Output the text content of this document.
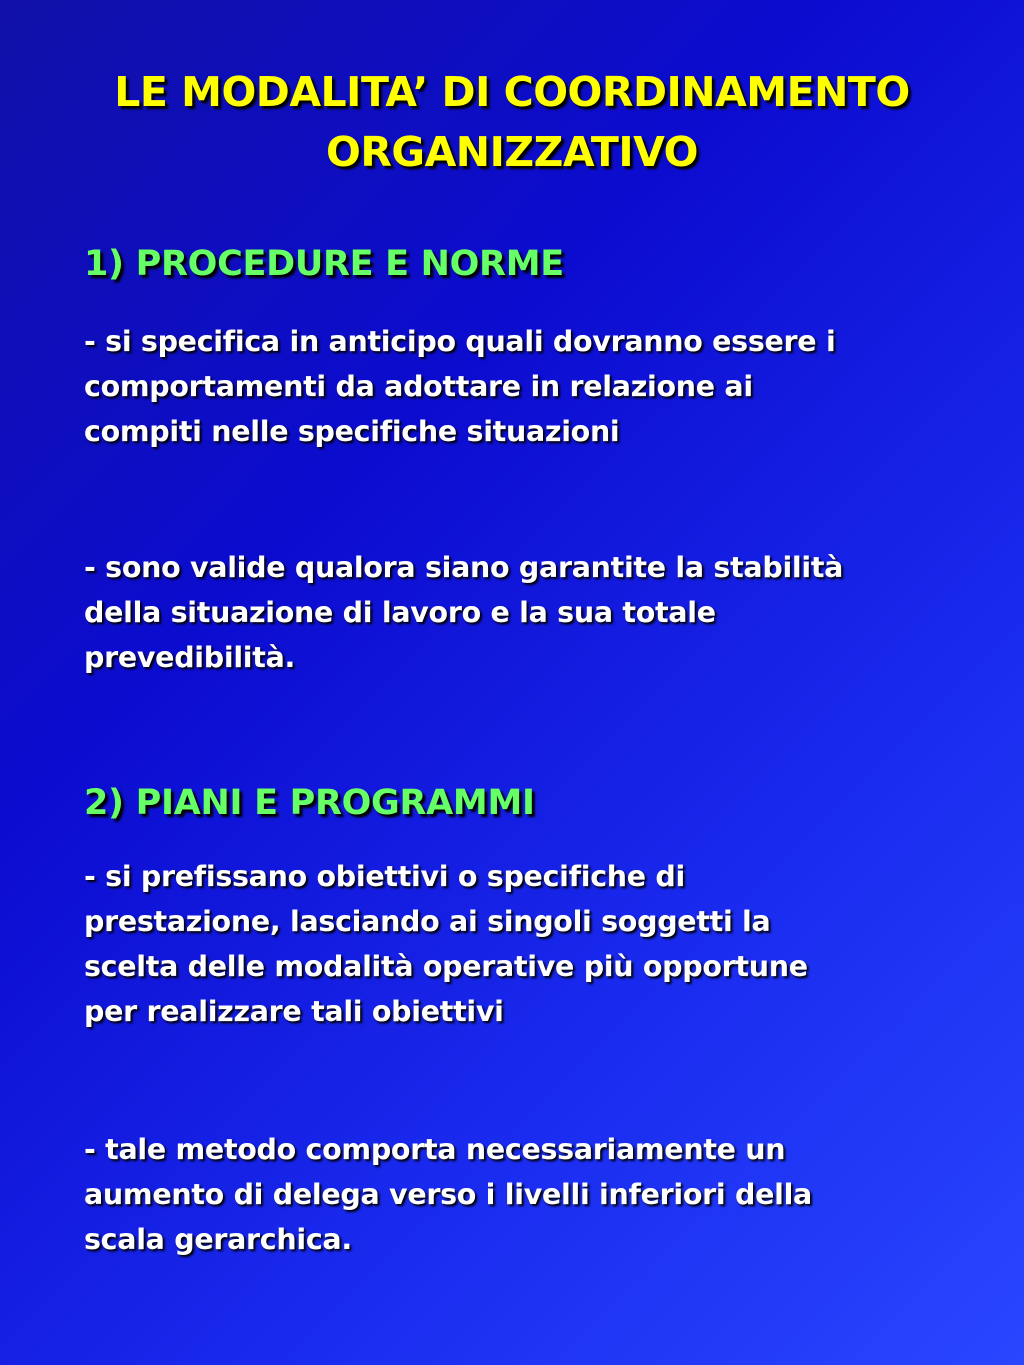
LE MODALITA’ DI COORDINAMENTO
ORGANIZZATIVO
1) PROCEDURE E NORME

- si specifica in anticipo quali dovranno essere i
comportamenti da adottare in relazione ai
compiti nelle specifiche situazioni

- sono valide qualora siano garantite la stabilità
della situazione di lavoro e la sua totale
prevedibilità.

2) PIANI E PROGRAMMI

- si prefissano obiettivi o specifiche di
prestazione, lasciando ai singoli soggetti la
scelta delle modalità operative più opportune
per realizzare tali obiettivi

- tale metodo comporta necessariamente un
aumento di delega verso i livelli inferiori della
scala gerarchica.
